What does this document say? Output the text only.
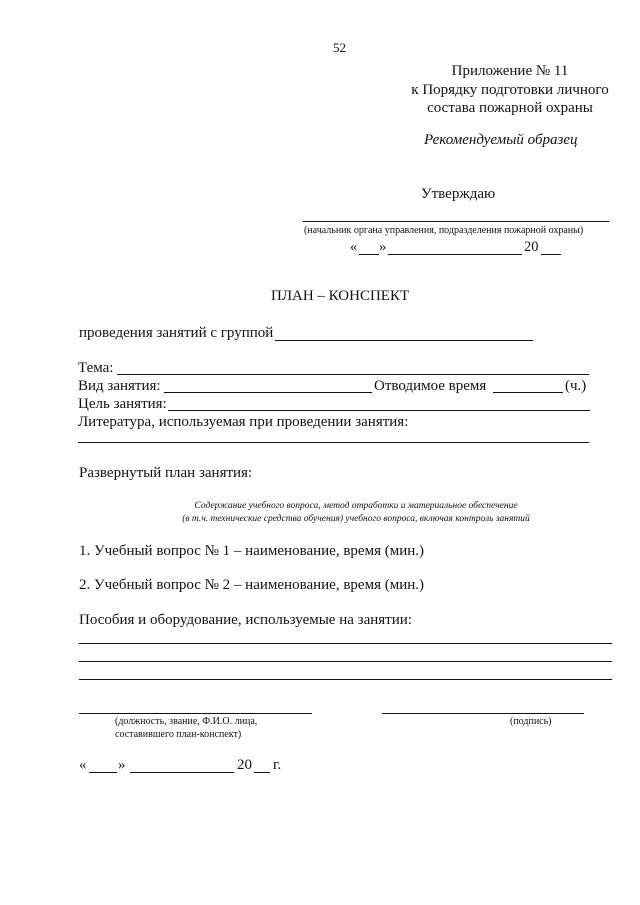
52
Приложение № 11
к Порядку подготовки личного
состава пожарной охраны
Рекомендуемый образец
Утверждаю
(начальник органа управления, подразделения пожарной охраны)
« »	20
ПЛАН – КОНСПЕКТ
проведения занятий с группой
Тема:
Вид занятия:	Отводимое время	(ч.)
Цель занятия:
Литература, используемая при проведении занятия:
Развернутый план занятия:
Содержание учебного вопроса, метод отработки и материальное обеспечение
(в т.ч. технические средства обучения) учебного вопроса, включая контроль занятий
1. Учебный вопрос № 1 – наименование, время (мин.)
2. Учебный вопрос № 2 – наименование, время (мин.)
Пособия и оборудование, используемые на занятии:
(должность, звание, Ф.И.О. лица,
составившего план-конспект)
(подпись)
« »	20 г.
